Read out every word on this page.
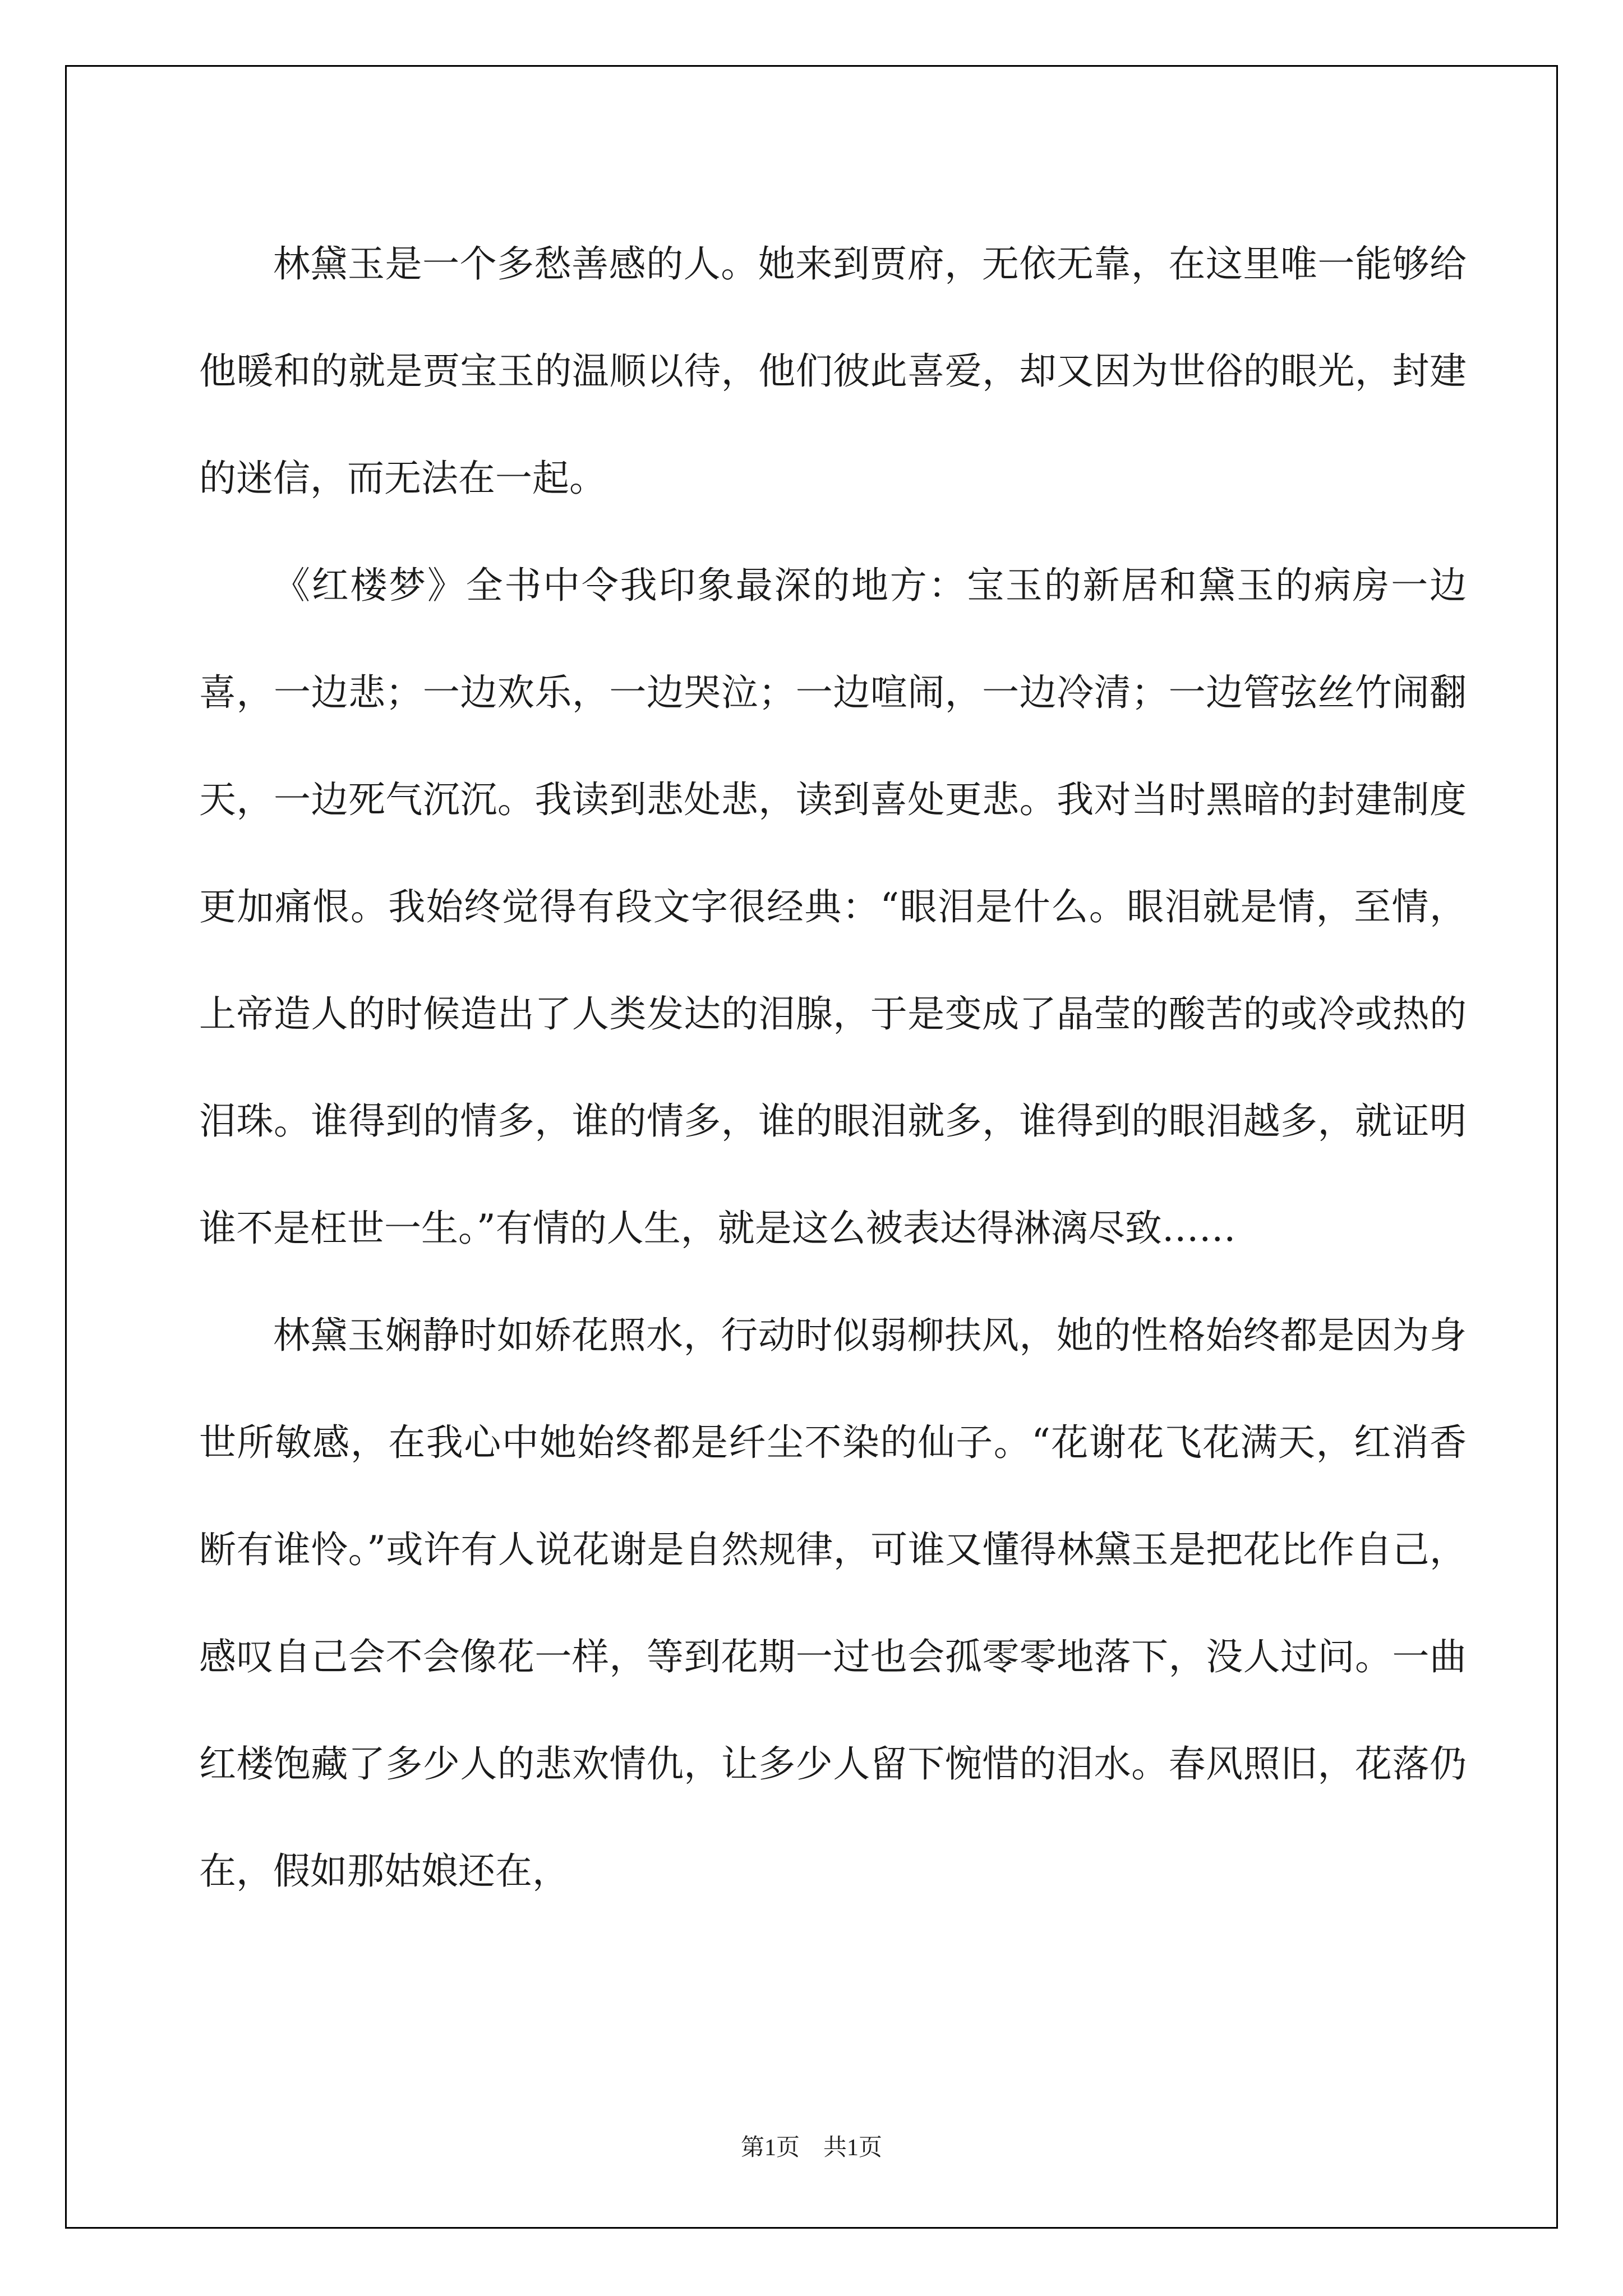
林黛玉是一个多愁善感的人。她来到贾府，无依无靠，在这里唯一能够给他暖和的就是贾宝玉的温顺以待，他们彼此喜爱，却又因为世俗的眼光，封建的迷信，而无法在一起。

《红楼梦》全书中令我印象最深的地方：宝玉的新居和黛玉的病房一边喜，一边悲；一边欢乐，一边哭泣；一边喧闹，一边冷清；一边管弦丝竹闹翻天，一边死气沉沉。我读到悲处悲，读到喜处更悲。我对当时黑暗的封建制度更加痛恨。我始终觉得有段文字很经典：“眼泪是什么。眼泪就是情，至情，上帝造人的时候造出了人类发达的泪腺，于是变成了晶莹的酸苦的或冷或热的泪珠。谁得到的情多，谁的情多，谁的眼泪就多，谁得到的眼泪越多，就证明谁不是枉世一生。”有情的人生，就是这么被表达得淋漓尽致……

林黛玉娴静时如娇花照水，行动时似弱柳扶风，她的性格始终都是因为身世所敏感，在我心中她始终都是纤尘不染的仙子。“花谢花飞花满天，红消香断有谁怜。”或许有人说花谢是自然规律，可谁又懂得林黛玉是把花比作自己，感叹自己会不会像花一样，等到花期一过也会孤零零地落下，没人过问。一曲红楼饱藏了多少人的悲欢情仇，让多少人留下惋惜的泪水。春风照旧，花落仍在，假如那姑娘还在，

第1页　共1页
